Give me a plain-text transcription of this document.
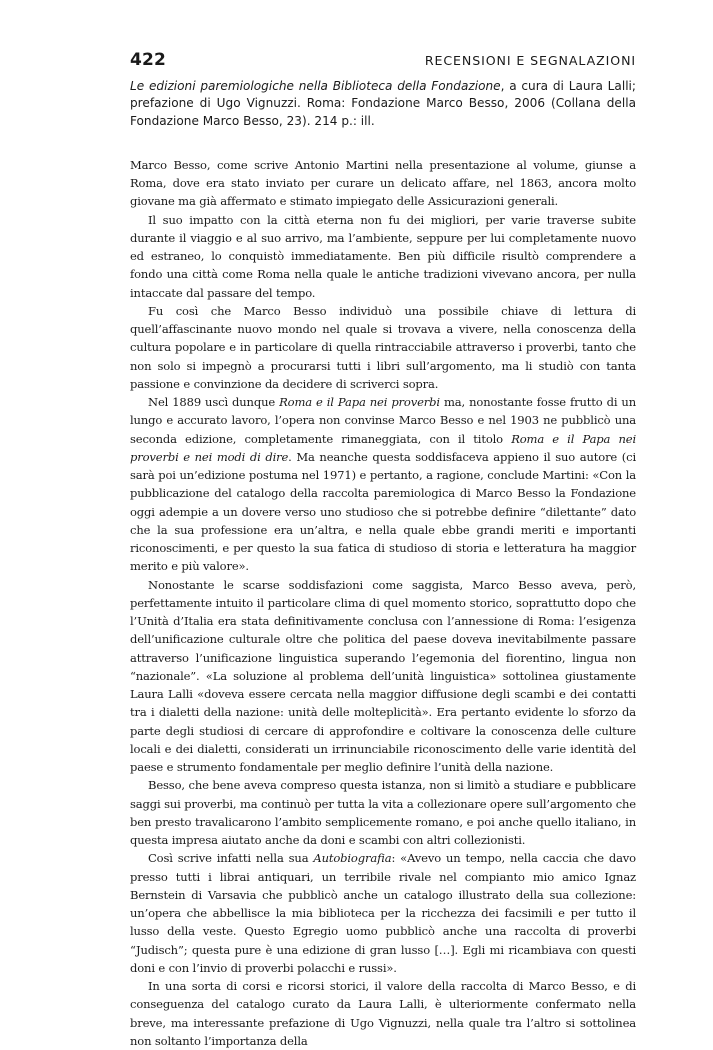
422	RECENSIONI E SEGNALAZIONI

Le edizioni paremiologiche nella Biblioteca della Fondazione, a cura di Laura Lalli; prefazione di Ugo Vignuzzi. Roma: Fondazione Marco Besso, 2006 (Collana della Fondazione Marco Besso, 23). 214 p.: ill.

Marco Besso, come scrive Antonio Martini nella presentazione al volume, giunse a Roma, dove era stato inviato per curare un delicato affare, nel 1863, ancora molto giovane ma già affermato e stimato impiegato delle Assicurazioni generali.

Il suo impatto con la città eterna non fu dei migliori, per varie traverse subite durante il viaggio e al suo arrivo, ma l’ambiente, seppure per lui completamente nuovo ed estraneo, lo conquistò immediatamente. Ben più difficile risultò comprendere a fondo una città come Roma nella quale le antiche tradizioni vivevano ancora, per nulla intaccate dal passare del tempo.

Fu così che Marco Besso individuò una possibile chiave di lettura di quell’affascinante nuovo mondo nel quale si trovava a vivere, nella conoscenza della cultura popolare e in particolare di quella rintracciabile attraverso i proverbi, tanto che non solo si impegnò a procurarsi tutti i libri sull’argomento, ma li studiò con tanta passione e convinzione da decidere di scriverci sopra.

Nel 1889 uscì dunque Roma e il Papa nei proverbi ma, nonostante fosse frutto di un lungo e accurato lavoro, l’opera non convinse Marco Besso e nel 1903 ne pubblicò una seconda edizione, completamente rimaneggiata, con il titolo Roma e il Papa nei proverbi e nei modi di dire. Ma neanche questa soddisfaceva appieno il suo autore (ci sarà poi un’edizione postuma nel 1971) e pertanto, a ragione, conclude Martini: «Con la pubblicazione del catalogo della raccolta paremiologica di Marco Besso la Fondazione oggi adempie a un dovere verso uno studioso che si potrebbe definire “dilettante” dato che la sua professione era un’altra, e nella quale ebbe grandi meriti e importanti riconoscimenti, e per questo la sua fatica di studioso di storia e letteratura ha maggior merito e più valore».

Nonostante le scarse soddisfazioni come saggista, Marco Besso aveva, però, perfettamente intuito il particolare clima di quel momento storico, soprattutto dopo che l’Unità d’Italia era stata definitivamente conclusa con l’annessione di Roma: l’esigenza dell’unificazione culturale oltre che politica del paese doveva inevitabilmente passare attraverso l’unificazione linguistica superando l’egemonia del fiorentino, lingua non “nazionale”. «La soluzione al problema dell’unità linguistica» sottolinea giustamente Laura Lalli «doveva essere cercata nella maggior diffusione degli scambi e dei contatti tra i dialetti della nazione: unità delle molteplicità». Era pertanto evidente lo sforzo da parte degli studiosi di cercare di approfondire e coltivare la conoscenza delle culture locali e dei dialetti, considerati un irrinunciabile riconoscimento delle varie identità del paese e strumento fondamentale per meglio definire l’unità della nazione.

Besso, che bene aveva compreso questa istanza, non si limitò a studiare e pubblicare saggi sui proverbi, ma continuò per tutta la vita a collezionare opere sull’argomento che ben presto travalicarono l’ambito semplicemente romano, e poi anche quello italiano, in questa impresa aiutato anche da doni e scambi con altri collezionisti.

Così scrive infatti nella sua Autobiografia: «Avevo un tempo, nella caccia che davo presso tutti i librai antiquari, un terribile rivale nel compianto mio amico Ignaz Bernstein di Varsavia che pubblicò anche un catalogo illustrato della sua collezione: un’opera che abbellisce la mia biblioteca per la ricchezza dei facsimili e per tutto il lusso della veste. Questo Egregio uomo pubblicò anche una raccolta di proverbi “Judisch”; questa pure è una edizione di gran lusso […]. Egli mi ricambiava con questi doni e con l’invio di proverbi polacchi e russi».

In una sorta di corsi e ricorsi storici, il valore della raccolta di Marco Besso, e di conseguenza del catalogo curato da Laura Lalli, è ulteriormente confermato nella breve, ma interessante prefazione di Ugo Vignuzzi, nella quale tra l’altro si sottolinea non soltanto l’importanza della
